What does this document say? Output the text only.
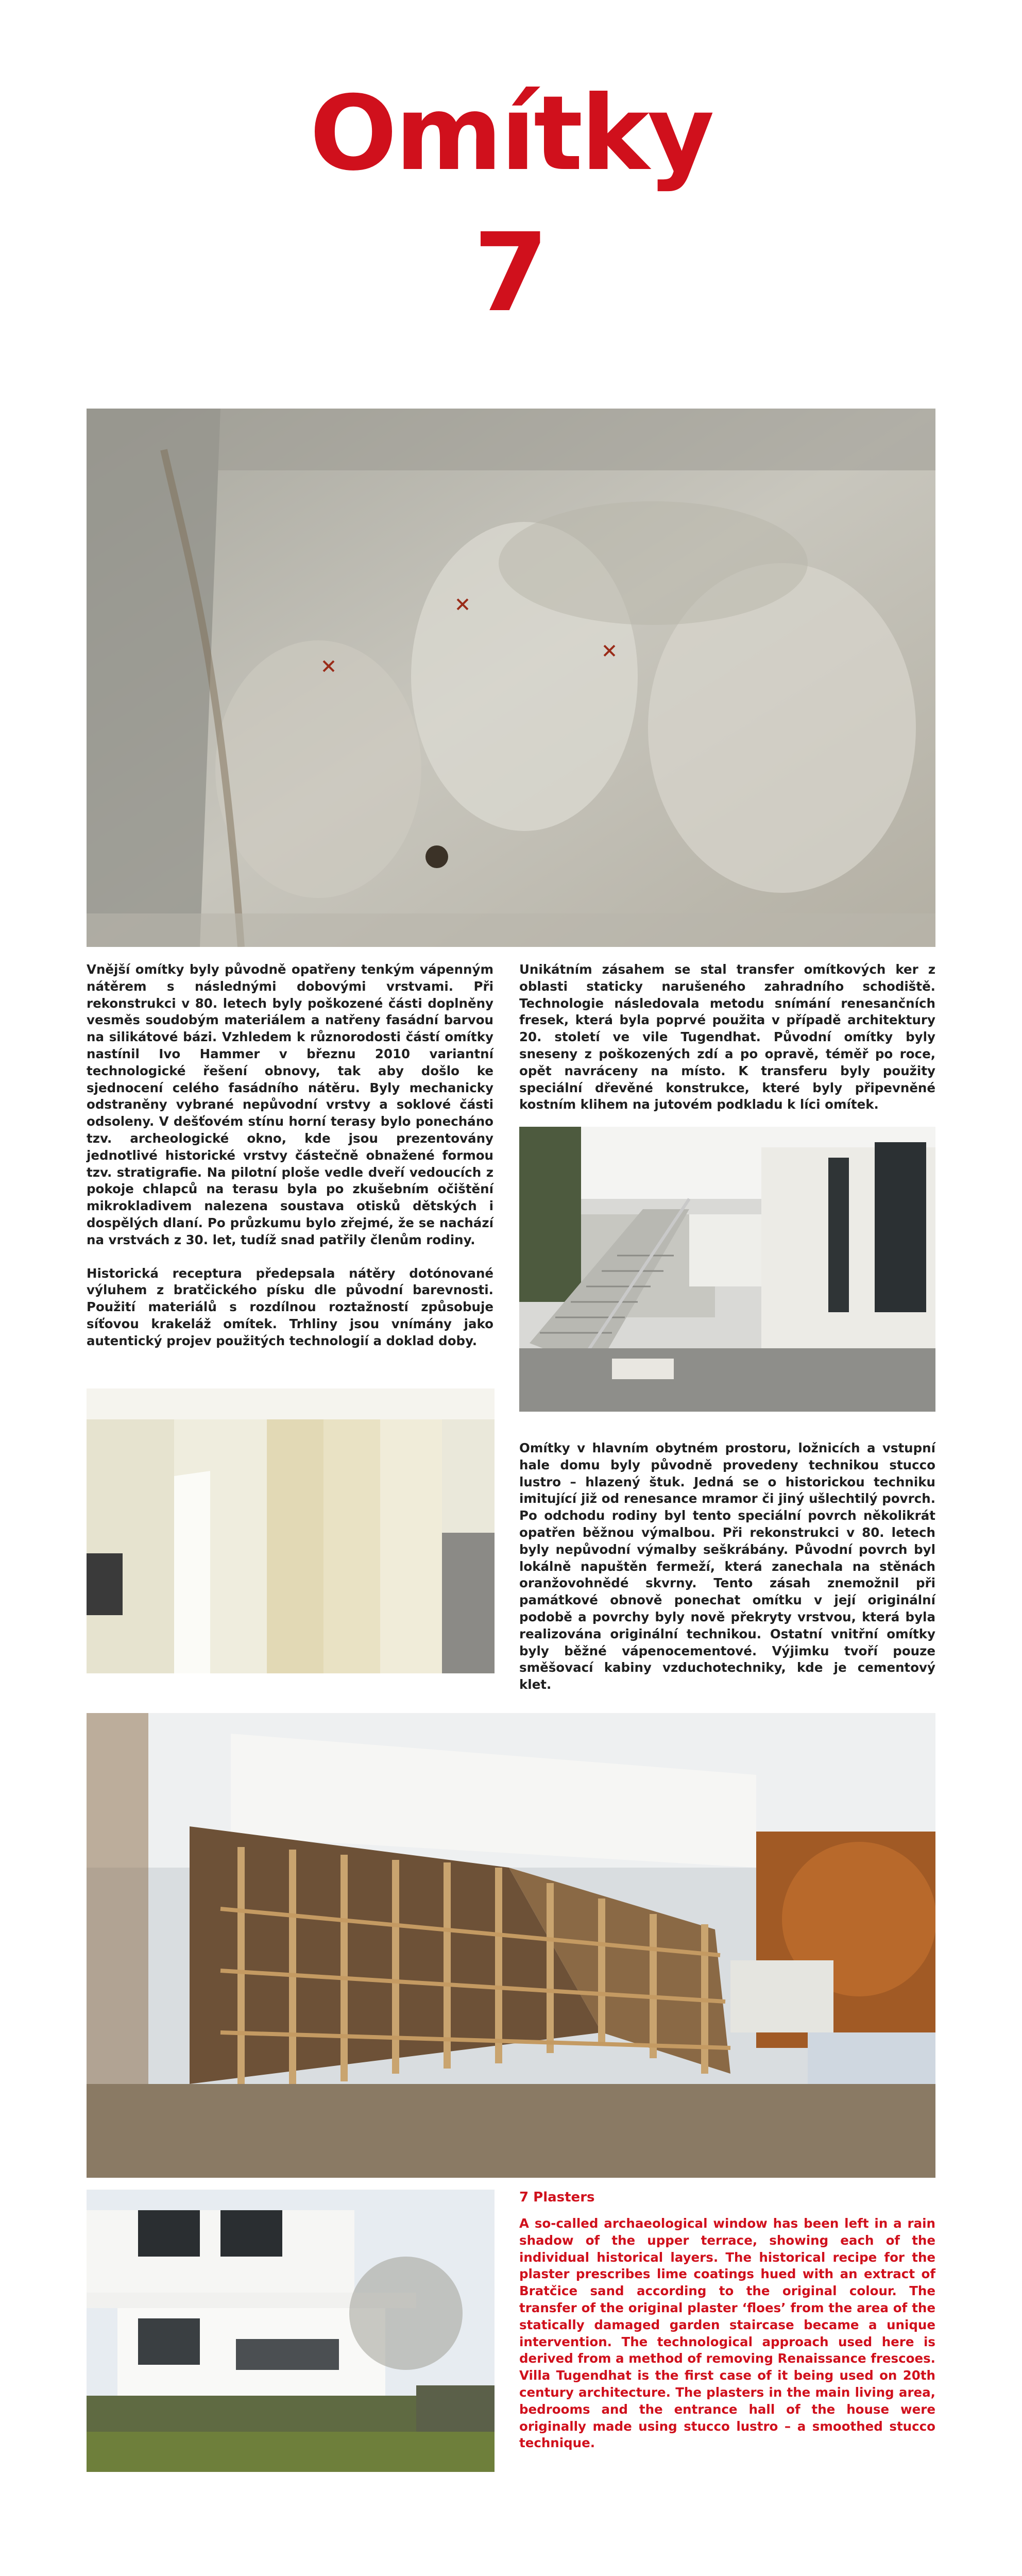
Omítky
7

Vnější omítky byly původně opatřeny tenkým vápenným nátěrem s následnými dobovými vrstvami. Při rekonstrukci v 80. letech byly poškozené části doplněny vesměs soudobým materiálem a natřeny fasádní barvou na silikátové bázi. Vzhledem k různorodosti částí omítky nastínil Ivo Hammer v březnu 2010 variantní technologické řešení obnovy, tak aby došlo ke sjednocení celého fasádního nátěru. Byly mechanicky odstraněny vybrané nepůvodní vrstvy a soklové části odsoleny. V dešťovém stínu horní terasy bylo ponecháno tzv. archeologické okno, kde jsou prezentovány jednotlivé historické vrstvy částečně obnažené formou tzv. stratigrafie. Na pilotní ploše vedle dveří vedoucích z pokoje chlapců na terasu byla po zkušebním očištění mikrokladivem nalezena soustava otisků dětských i dospělých dlaní. Po průzkumu bylo zřejmé, že se nachází na vrstvách z 30. let, tudíž snad patřily členům rodiny.

Historická receptura předepsala nátěry dotónované výluhem z bratčického písku dle původní barevnosti. Použití materiálů s rozdílnou roztažností způsobuje síťovou krakeláž omítek. Trhliny jsou vnímány jako autentický projev použitých technologií a doklad doby.

Unikátním zásahem se stal transfer omítkových ker z oblasti staticky narušeného zahradního schodiště. Technologie následovala metodu snímání renesančních fresek, která byla poprvé použita v případě architektury 20. století ve vile Tugendhat. Původní omítky byly sneseny z poškozených zdí a po opravě, téměř po roce, opět navráceny na místo. K transferu byly použity speciální dřevěné konstrukce, které byly připevněné kostním klihem na jutovém podkladu k líci omítek.

Omítky v hlavním obytném prostoru, ložnicích a vstupní hale domu byly původně provedeny technikou stucco lustro – hlazený štuk. Jedná se o historickou techniku imitující již od renesance mramor či jiný ušlechtilý povrch. Po odchodu rodiny byl tento speciální povrch několikrát opatřen běžnou výmalbou. Při rekonstrukci v 80. letech byly nepůvodní výmalby seškrábány. Původní povrch byl lokálně napuštěn fermeží, která zanechala na stěnách oranžovohnědé skvrny. Tento zásah znemožnil při památkové obnově ponechat omítku v její originální podobě a povrchy byly nově překryty vrstvou, která byla realizována originální technikou. Ostatní vnitřní omítky byly běžné vápenocementové. Výjimku tvoří pouze směšovací kabiny vzduchotechniky, kde je cementový klet.

7 Plasters

A so-called archaeological window has been left in a rain shadow of the upper terrace, showing each of the individual historical layers. The historical recipe for the plaster prescribes lime coatings hued with an extract of Bratčice sand according to the original colour. The transfer of the original plaster ‘floes’ from the area of the statically damaged garden staircase became a unique intervention. The technological approach used here is derived from a method of removing Renaissance frescoes. Villa Tugendhat is the first case of it being used on 20th century architecture. The plasters in the main living area, bedrooms and the entrance hall of the house were originally made using stucco lustro – a smoothed stucco technique.
